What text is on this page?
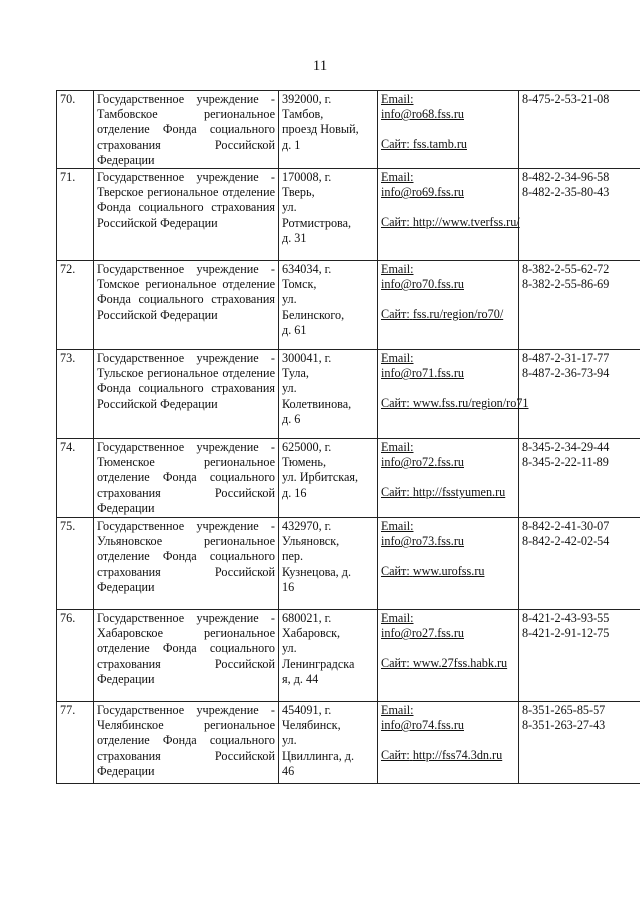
11
70.	Государственное учреждение - Тамбовское региональное отделение Фонда социального страхования Российской Федерации	392000, г.
Тамбов,
проезд Новый,
д. 1	Email:
info@ro68.fss.ru
Сайт: fss.tamb.ru	8-475-2-53-21-08

71.	Государственное учреждение - Тверское региональное отделение Фонда социального страхования Российской Федерации	170008, г.
Тверь,
ул.
Ротмистрова,
д. 31	Email:
info@ro69.fss.ru
Сайт: http://www.tverfss.ru/	8-482-2-34-96-58
8-482-2-35-80-43

72.	Государственное учреждение - Томское региональное отделение Фонда социального страхования Российской Федерации	634034, г.
Томск,
ул.
Белинского,
д. 61	Email:
info@ro70.fss.ru
Сайт: fss.ru/region/ro70/	8-382-2-55-62-72
8-382-2-55-86-69

73.	Государственное учреждение - Тульское региональное отделение Фонда социального страхования Российской Федерации	300041, г.
Тула,
ул.
Колетвинова,
д. 6	Email:
info@ro71.fss.ru
Сайт: www.fss.ru/region/ro71	8-487-2-31-17-77
8-487-2-36-73-94

74.	Государственное учреждение - Тюменское региональное отделение Фонда социального страхования Российской Федерации	625000, г.
Тюмень,
ул. Ирбитская,
д. 16	Email:
info@ro72.fss.ru
Сайт: http://fsstyumen.ru	8-345-2-34-29-44
8-345-2-22-11-89

75.	Государственное учреждение - Ульяновское региональное отделение Фонда социального страхования Российской Федерации	432970, г.
Ульяновск,
пер.
Кузнецова, д.
16	Email:
info@ro73.fss.ru
Сайт: www.urofss.ru	8-842-2-41-30-07
8-842-2-42-02-54

76.	Государственное учреждение - Хабаровское региональное отделение Фонда социального страхования Российской Федерации	680021, г.
Хабаровск,
ул.
Ленинградска
я, д. 44	Email:
info@ro27.fss.ru
Сайт: www.27fss.habk.ru	8-421-2-43-93-55
8-421-2-91-12-75

77.	Государственное учреждение - Челябинское региональное отделение Фонда социального страхования Российской Федерации	454091, г.
Челябинск,
ул.
Цвиллинга, д.
46	Email:
info@ro74.fss.ru
Сайт: http://fss74.3dn.ru	8-351-265-85-57
8-351-263-27-43
